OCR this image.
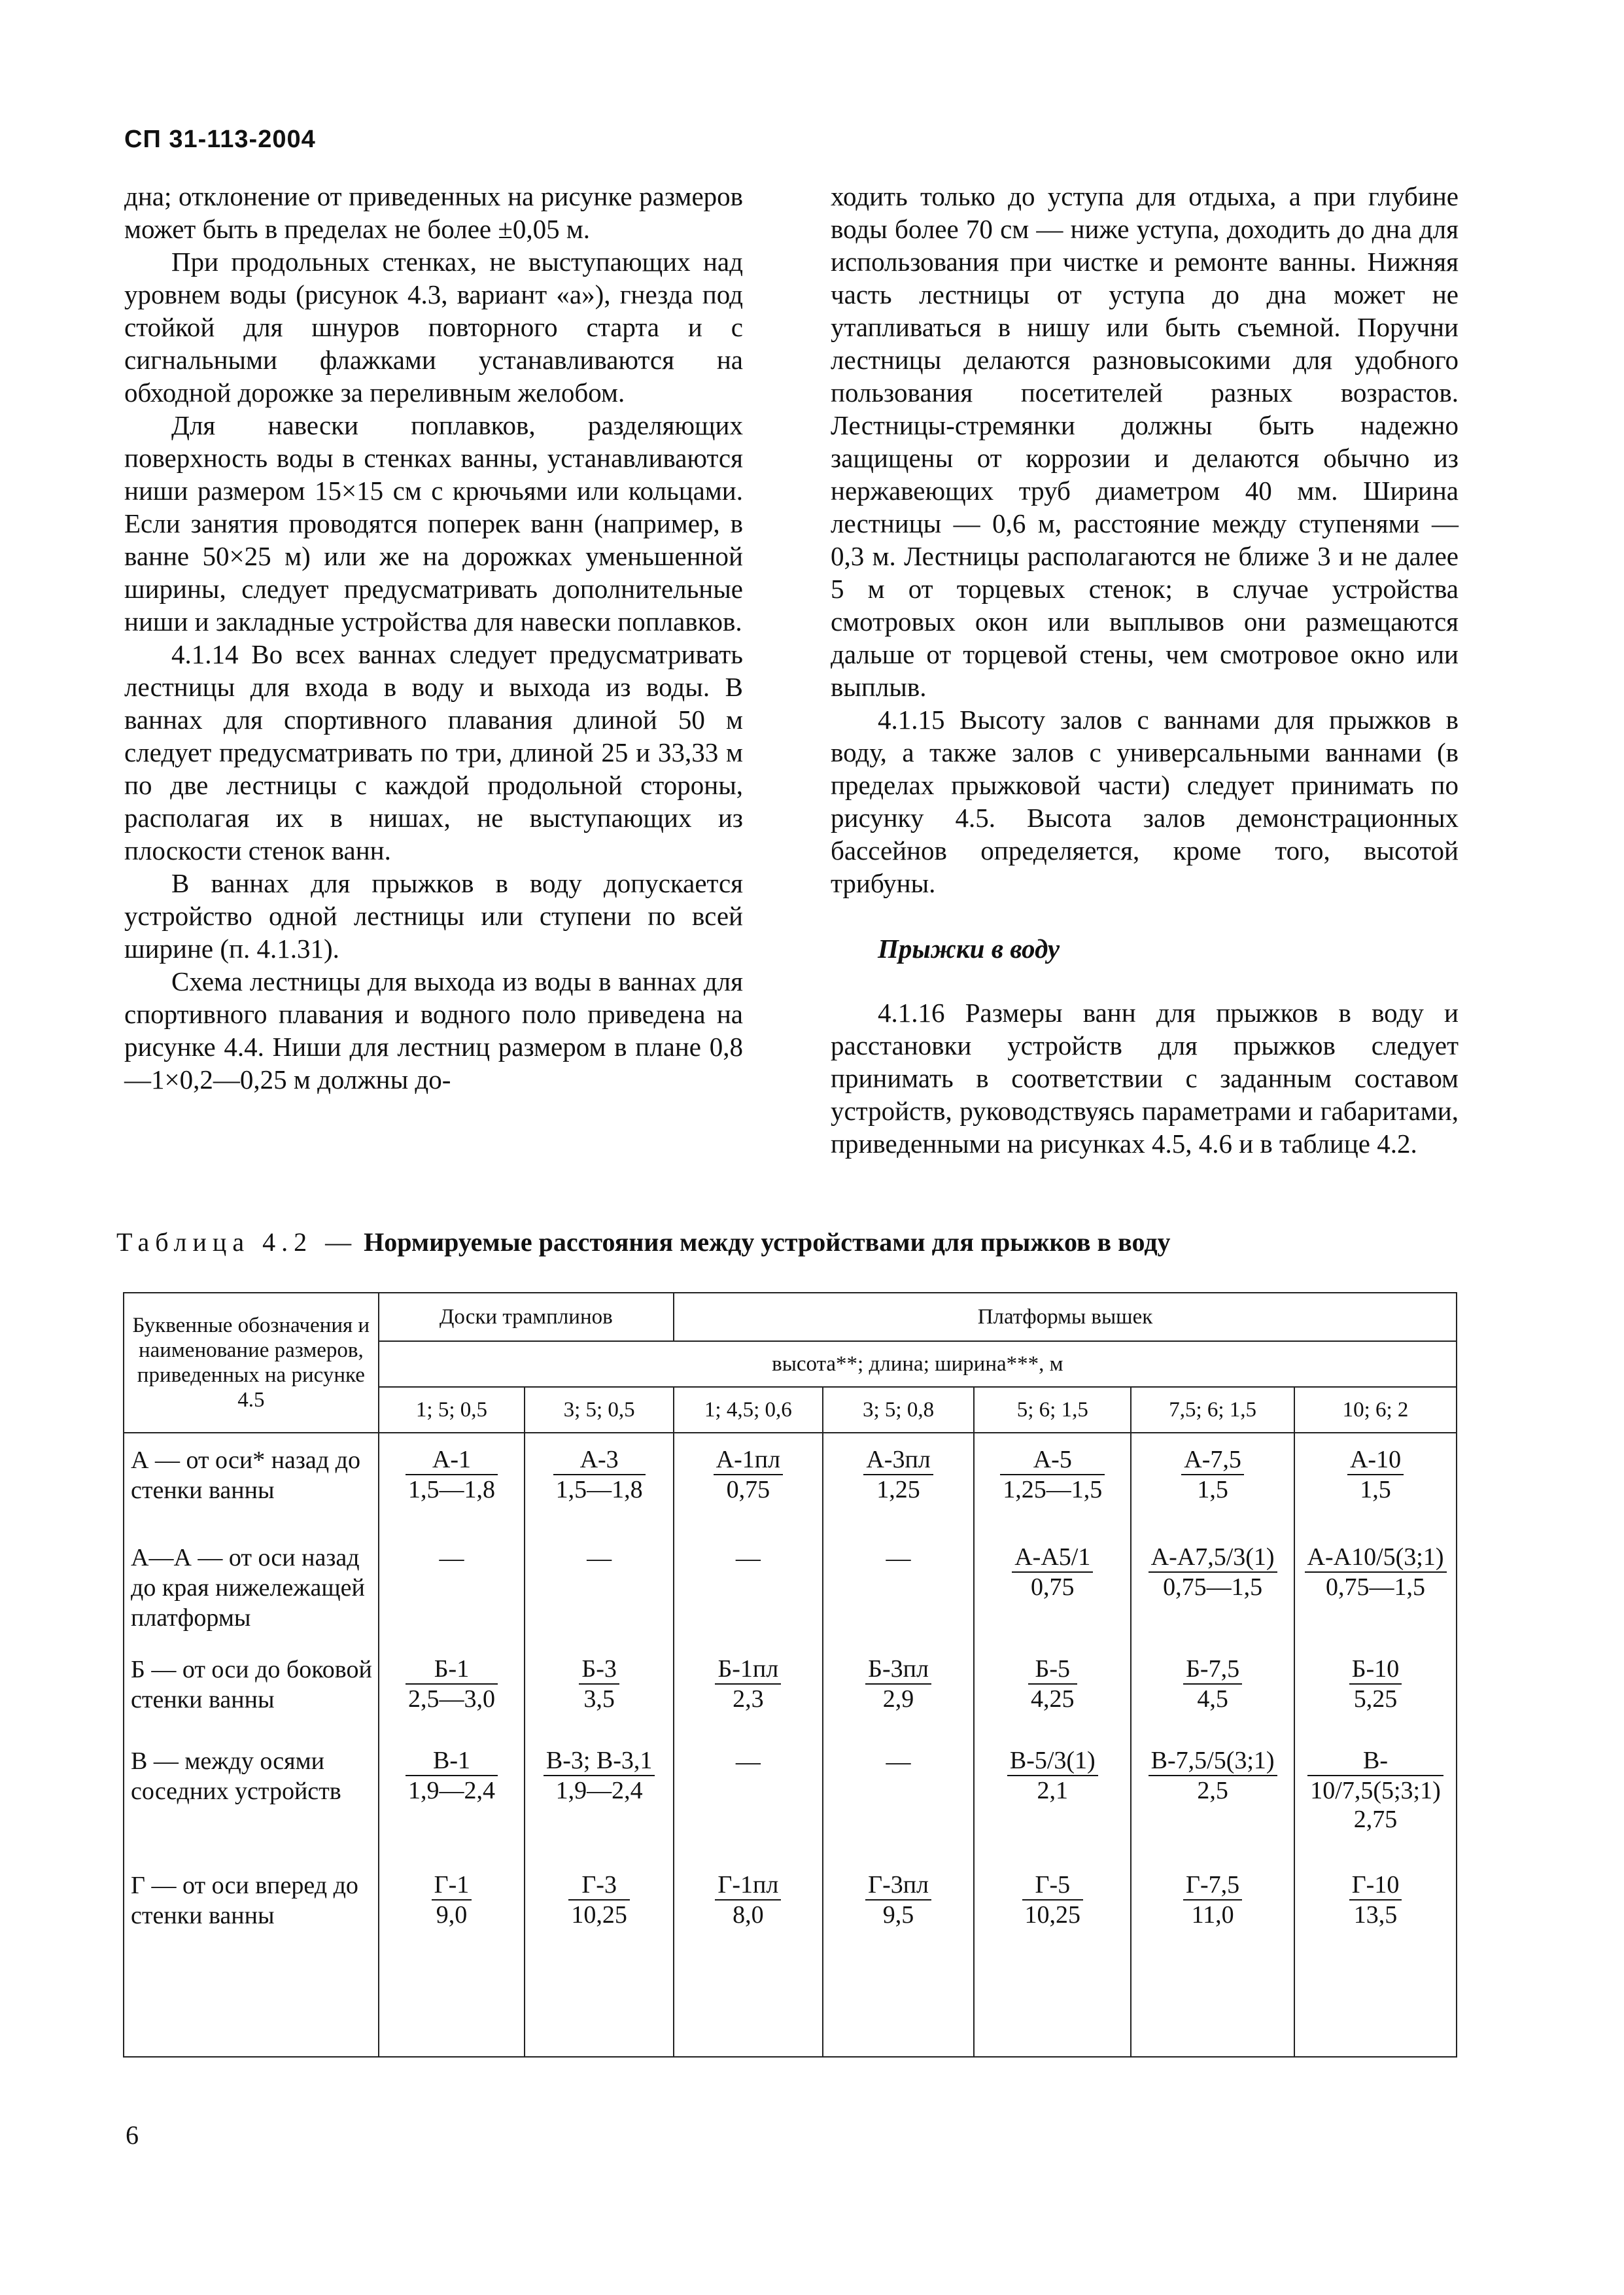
СП 31-113-2004

дна; отклонение от приведенных на рисунке размеров может быть в пределах не более ±0,05 м.

При продольных стенках, не выступающих над уровнем воды (рисунок 4.3, вариант «а»), гнезда под стойкой для шнуров повторного старта и с сигнальными флажками устанавливаются на обходной дорожке за переливным желобом.

Для навески поплавков, разделяющих поверхность воды в стенках ванны, устанавливаются ниши размером 15×15 см с крючьями или кольцами. Если занятия проводятся поперек ванн (например, в ванне 50×25 м) или же на дорожках уменьшенной ширины, следует предусматривать дополнительные ниши и закладные устройства для навески поплавков.

4.1.14 Во всех ваннах следует предусматривать лестницы для входа в воду и выхода из воды. В ваннах для спортивного плавания длиной 50 м следует предусматривать по три, длиной 25 и 33,33 м по две лестницы с каждой продольной стороны, располагая их в нишах, не выступающих из плоскости стенок ванн.

В ваннах для прыжков в воду допускается устройство одной лестницы или ступени по всей ширине (п. 4.1.31).

Схема лестницы для выхода из воды в ваннах для спортивного плавания и водного поло приведена на рисунке 4.4. Ниши для лестниц размером в плане 0,8—1×0,2—0,25 м должны до-

ходить только до уступа для отдыха, а при глубине воды более 70 см — ниже уступа, доходить до дна для использования при чистке и ремонте ванны. Нижняя часть лестницы от уступа до дна может не утапливаться в нишу или быть съемной. Поручни лестницы делаются разновысокими для удобного пользования посетителей разных возрастов. Лестницы-стремянки должны быть надежно защищены от коррозии и делаются обычно из нержавеющих труб диаметром 40 мм. Ширина лестницы — 0,6 м, расстояние между ступенями — 0,3 м. Лестницы располагаются не ближе 3 и не далее 5 м от торцевых стенок; в случае устройства смотровых окон или выплывов они размещаются дальше от торцевой стены, чем смотровое окно или выплыв.

4.1.15 Высоту залов с ваннами для прыжков в воду, а также залов с универсальными ваннами (в пределах прыжковой части) следует принимать по рисунку 4.5. Высота залов демонстрационных бассейнов определяется, кроме того, высотой трибуны.

Прыжки в воду

4.1.16 Размеры ванн для прыжков в воду и расстановки устройств для прыжков следует принимать в соответствии с заданным составом устройств, руководствуясь параметрами и габаритами, приведенными на рисунках 4.5, 4.6 и в таблице 4.2.

Таблица 4.2 — Нормируемые расстояния между устройствами для прыжков в воду
Буквенные обозначения и наименование размеров, приведенных на рисунке 4.5	Доски трамплинов		Платформы вышек				
	высота**; длина; ширина***, м						
	1; 5; 0,5	3; 5; 0,5	1; 4,5; 0,6	3; 5; 0,8	5; 6; 1,5	7,5; 6; 1,5	10; 6; 2
А — от оси* назад до стенки ванны	$\frac{А-1}{1,5—1,8}$	$\frac{А-3}{1,5—1,8}$	$\frac{А-1пл}{0,75}$	$\frac{А-3пл}{1,25}$	$\frac{А-5}{1,25—1,5}$	$\frac{А-7,5}{1,5}$	$\frac{А-10}{1,5}$

А—А — от оси назад до края нижележащей платформы	—	—	—	—	$\frac{А-А5/1}{0,75}$	$\frac{А-А7,5/3(1)}{0,75—1,5}$	$\frac{А-А10/5(3;1)}{0,75—1,5}$

Б — от оси до боковой стенки ванны	$\frac{Б-1}{2,5—3,0}$	$\frac{Б-3}{3,5}$	$\frac{Б-1пл}{2,3}$	$\frac{Б-3пл}{2,9}$	$\frac{Б-5}{4,25}$	$\frac{Б-7,5}{4,5}$	$\frac{Б-10}{5,25}$

В — между осями соседних устройств	$\frac{В-1}{1,9—2,4}$	$\frac{В-3; В-3,1}{1,9—2,4}$	—	—	$\frac{В-5/3(1)}{2,1}$	$\frac{В-7,5/5(3;1)}{2,5}$	В-
10/7,5(5;3;1)
2,75

Г — от оси вперед до стенки ванны	$\frac{Г-1}{9,0}$	$\frac{Г-3}{10,25}$	$\frac{Г-1пл}{8,0}$	$\frac{Г-3пл}{9,5}$	$\frac{Г-5}{10,25}$	$\frac{Г-7,5}{11,0}$	$\frac{Г-10}{13,5}$
6
